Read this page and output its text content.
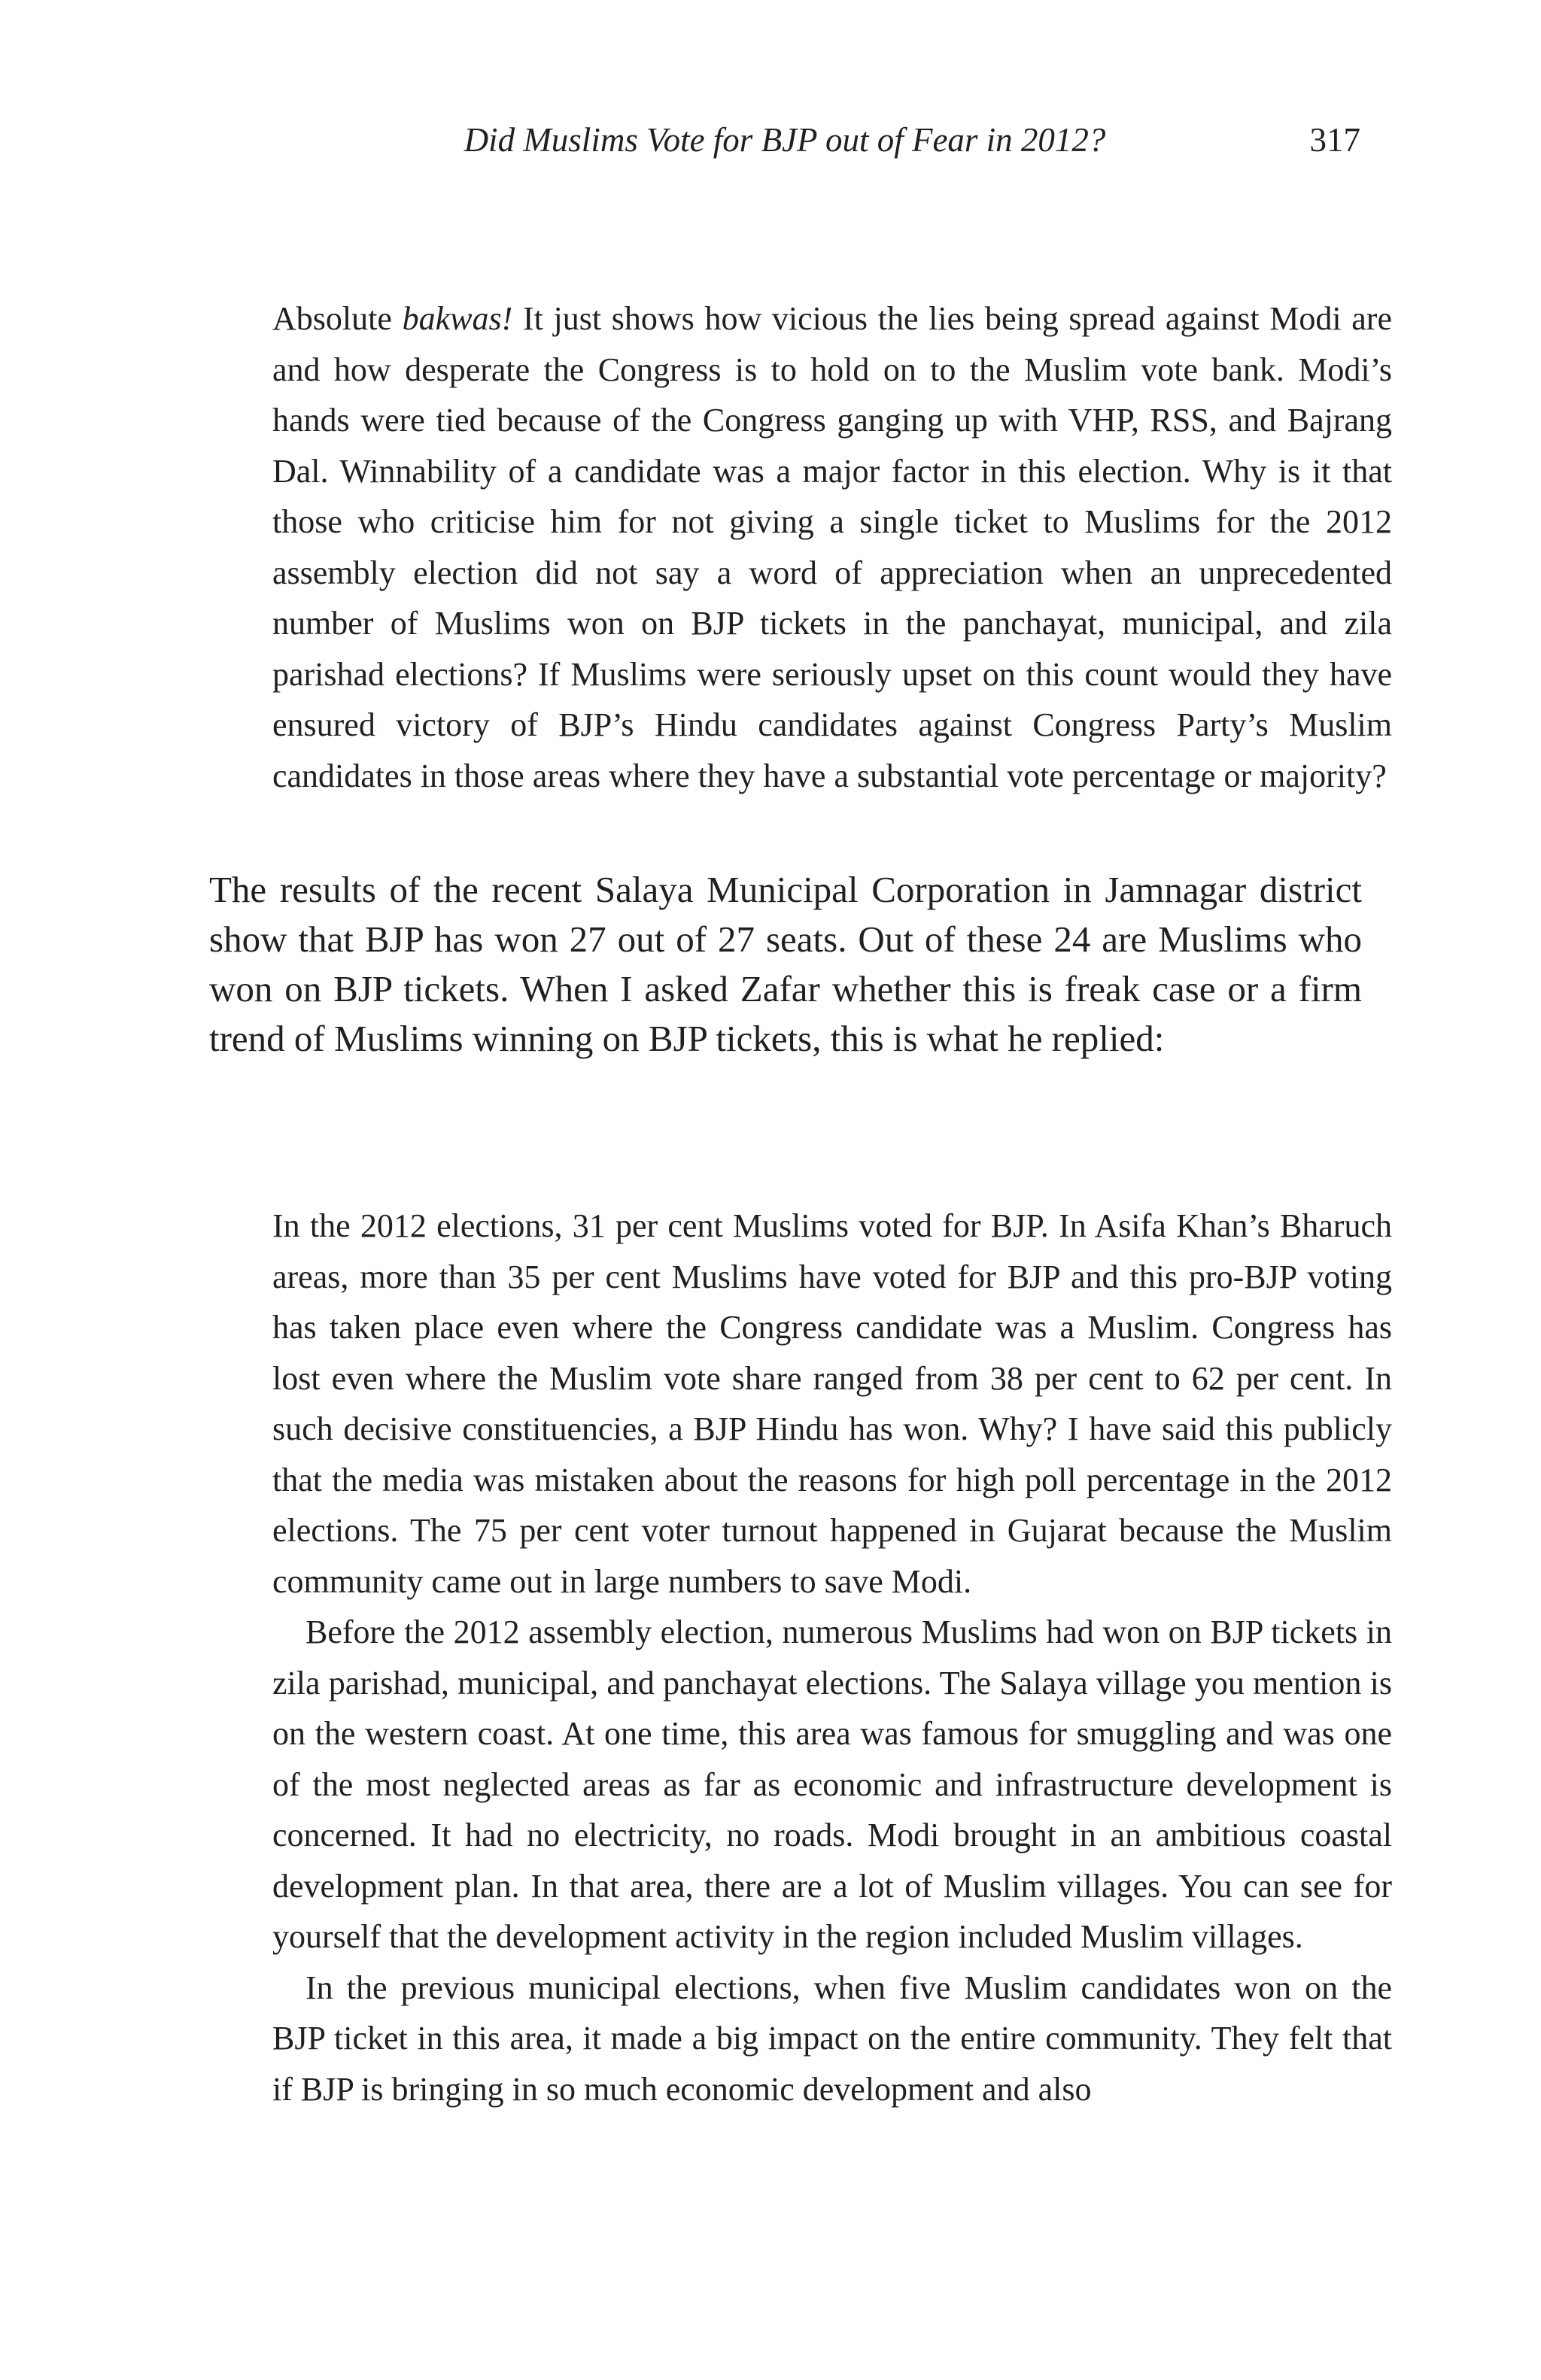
Did Muslims Vote for BJP out of Fear in 2012?	317

Absolute bakwas! It just shows how vicious the lies being spread against Modi are and how desperate the Congress is to hold on to the Muslim vote bank. Modi’s hands were tied because of the Congress ganging up with VHP, RSS, and Bajrang Dal. Winnability of a candidate was a major factor in this election. Why is it that those who criticise him for not giving a single ticket to Muslims for the 2012 assembly election did not say a word of appreciation when an unprecedented number of Muslims won on BJP tickets in the panchayat, municipal, and zila parishad elections? If Muslims were seriously upset on this count would they have ensured victory of BJP’s Hindu candidates against Congress Party’s Muslim candidates in those areas where they have a substantial vote percentage or majority?

The results of the recent Salaya Municipal Corporation in Jamnagar district show that BJP has won 27 out of 27 seats. Out of these 24 are Muslims who won on BJP tickets. When I asked Zafar whether this is freak case or a firm trend of Muslims winning on BJP tickets, this is what he replied:

In the 2012 elections, 31 per cent Muslims voted for BJP. In Asifa Khan’s Bharuch areas, more than 35 per cent Muslims have voted for BJP and this pro-BJP voting has taken place even where the Congress candidate was a Muslim. Congress has lost even where the Muslim vote share ranged from 38 per cent to 62 per cent. In such decisive constituencies, a BJP Hindu has won. Why? I have said this publicly that the media was mistaken about the reasons for high poll percentage in the 2012 elections. The 75 per cent voter turnout happened in Gujarat because the Muslim community came out in large numbers to save Modi.

Before the 2012 assembly election, numerous Muslims had won on BJP tickets in zila parishad, municipal, and panchayat elections. The Salaya village you mention is on the western coast. At one time, this area was famous for smuggling and was one of the most neglected areas as far as economic and infrastructure development is concerned. It had no electricity, no roads. Modi brought in an ambitious coastal development plan. In that area, there are a lot of Muslim villages. You can see for yourself that the development activity in the region included Muslim villages.

In the previous municipal elections, when five Muslim candidates won on the BJP ticket in this area, it made a big impact on the entire community. They felt that if BJP is bringing in so much economic development and also
